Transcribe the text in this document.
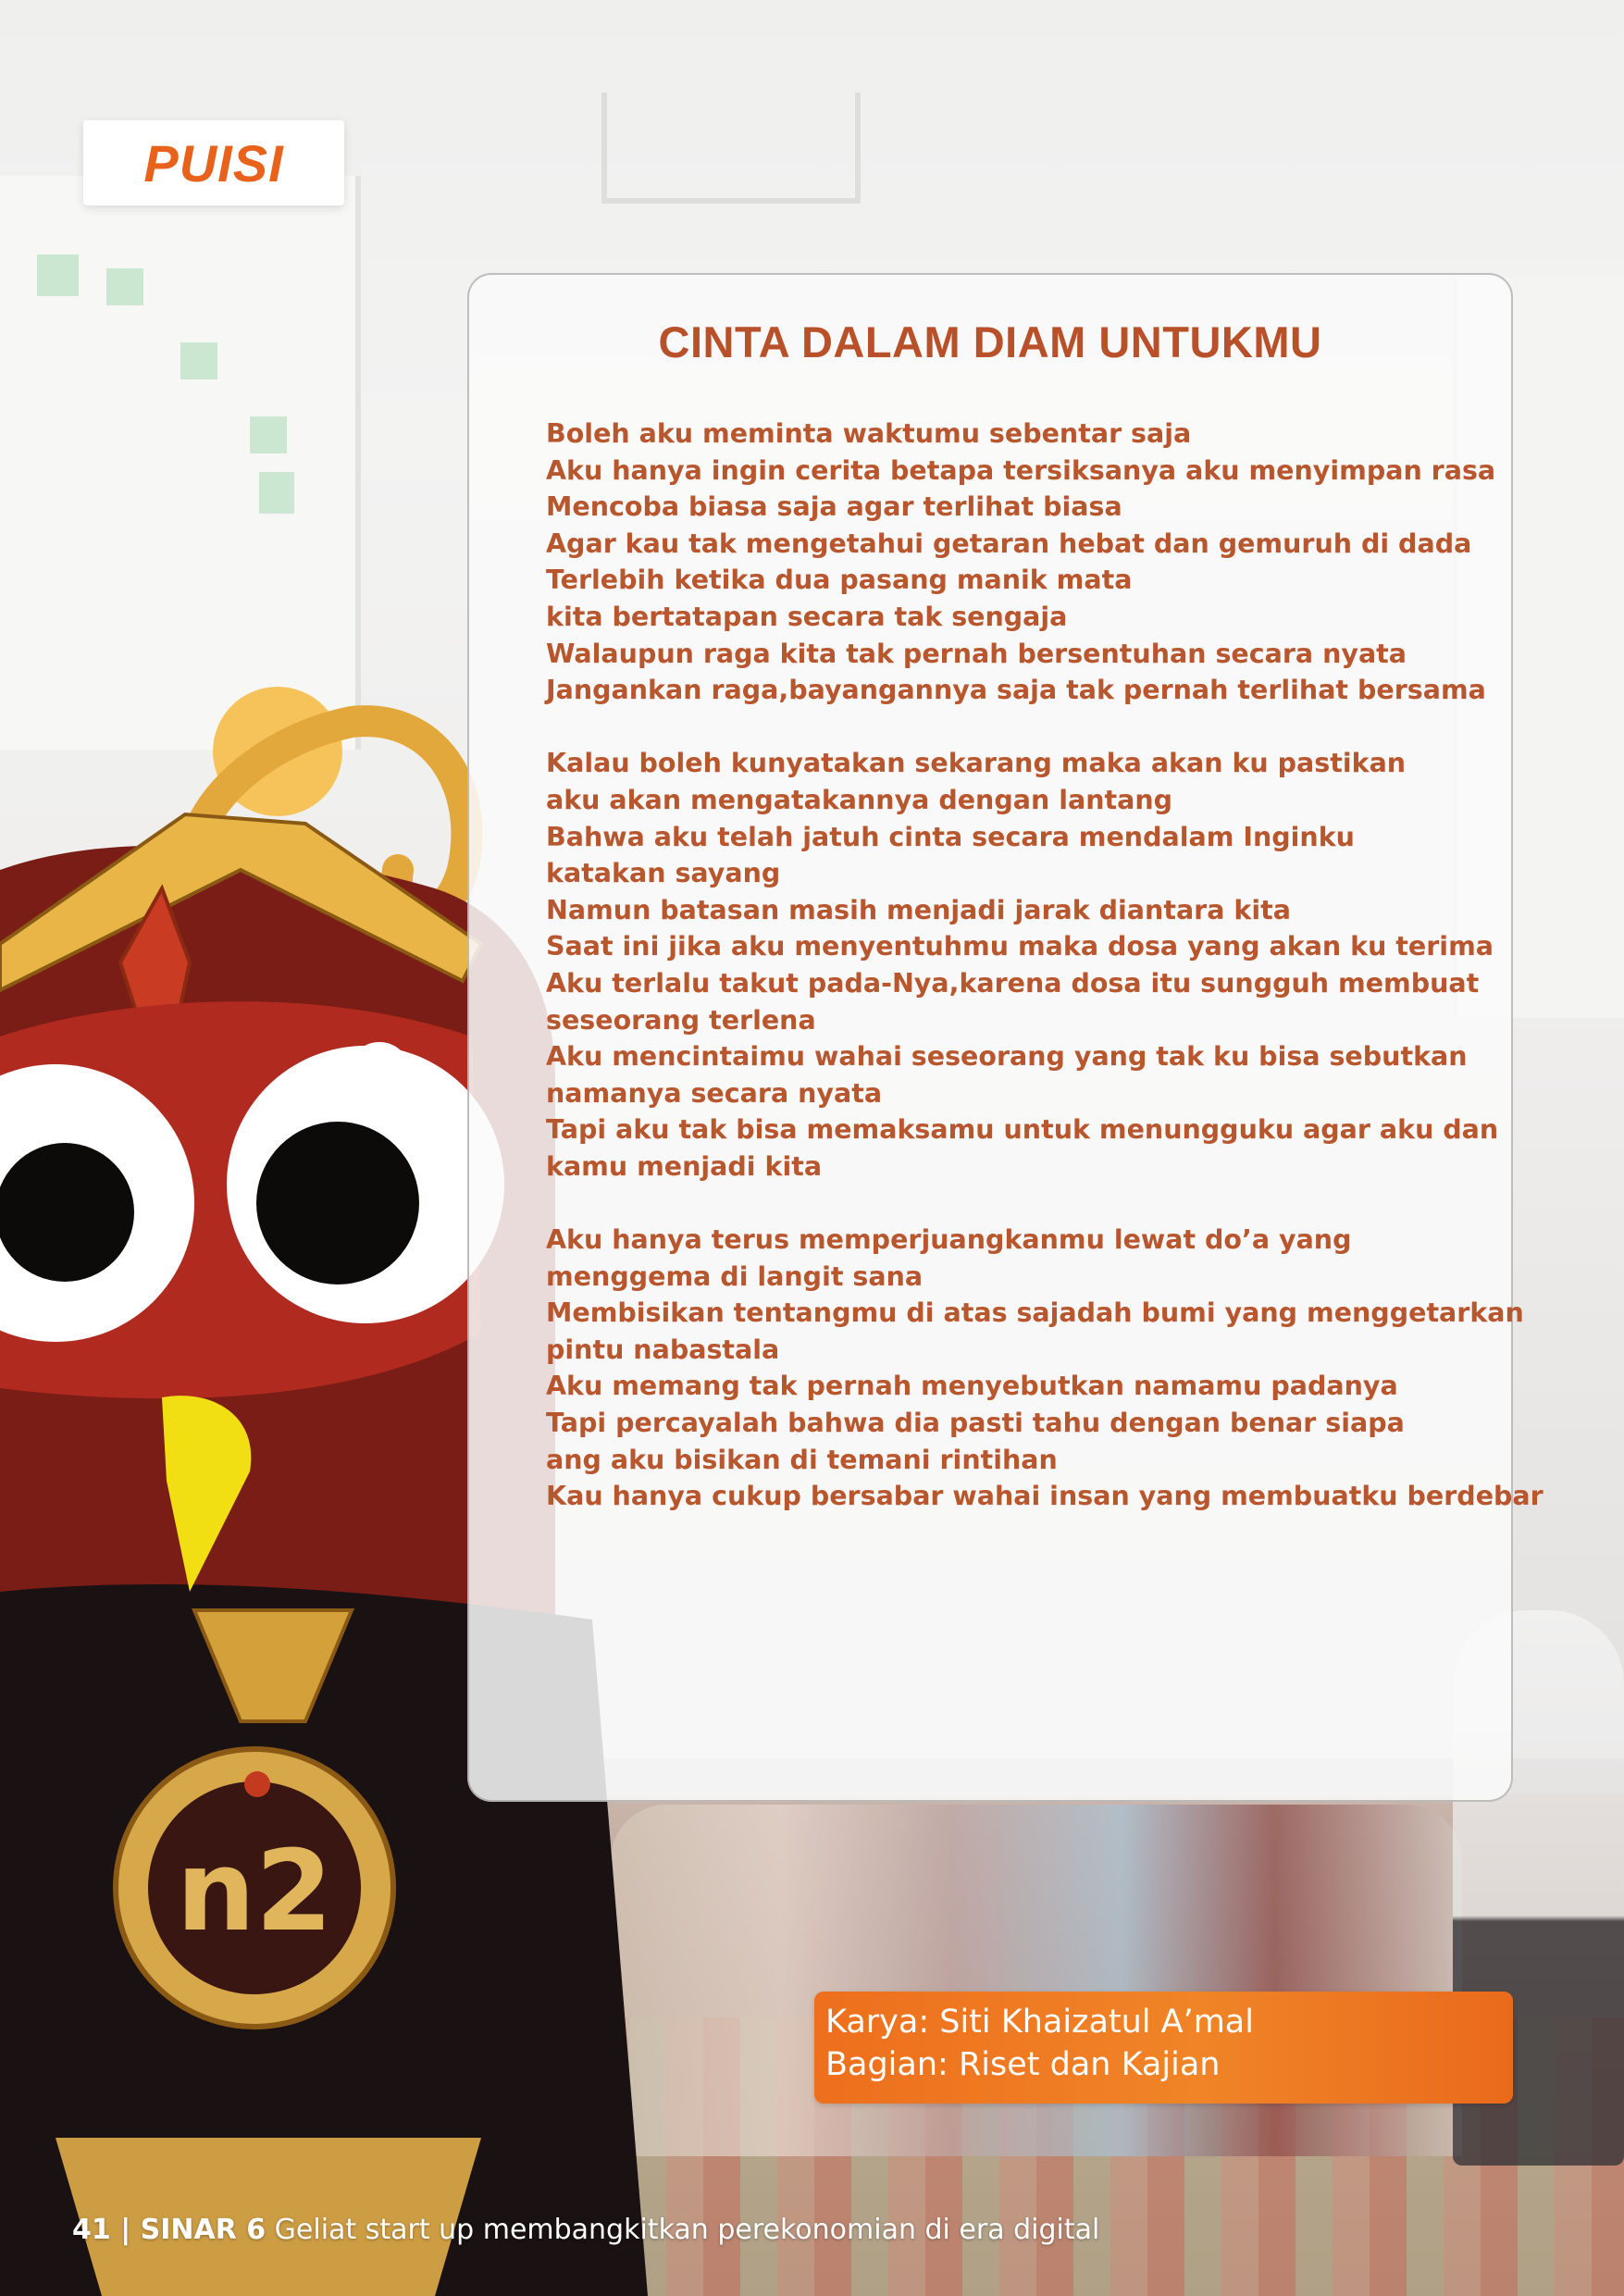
n2
PUISI
CINTA DALAM DIAM UNTUKMU
Boleh aku meminta waktumu sebentar saja
Aku hanya ingin cerita betapa tersiksanya aku menyimpan rasa
Mencoba biasa saja agar terlihat biasa
Agar kau tak mengetahui getaran hebat dan gemuruh di dada
Terlebih ketika dua pasang manik mata
kita bertatapan secara tak sengaja
Walaupun raga kita tak pernah bersentuhan secara nyata
Jangankan raga,bayangannya saja tak pernah terlihat bersama
Kalau boleh kunyatakan sekarang maka akan ku pastikan
aku akan mengatakannya dengan lantang
Bahwa aku telah jatuh cinta secara mendalam Inginku
katakan sayang
Namun batasan masih menjadi jarak diantara kita
Saat ini jika aku menyentuhmu maka dosa yang akan ku terima
Aku terlalu takut pada-Nya,karena dosa itu sungguh membuat
seseorang terlena
Aku mencintaimu wahai seseorang yang tak ku bisa sebutkan
namanya secara nyata
Tapi aku tak bisa memaksamu untuk menungguku agar aku dan
kamu menjadi kita
Aku hanya terus memperjuangkanmu lewat do’a yang
menggema di langit sana
Membisikan tentangmu di atas sajadah bumi yang menggetarkan
pintu nabastala
Aku memang tak pernah menyebutkan namamu padanya
Tapi percayalah bahwa dia pasti tahu dengan benar siapa
ang aku bisikan di temani rintihan
Kau hanya cukup bersabar wahai insan yang membuatku berdebar
Karya: Siti Khaizatul A’mal
Bagian: Riset dan Kajian
41 | SINAR 6 Geliat start up membangkitkan perekonomian di era digital
